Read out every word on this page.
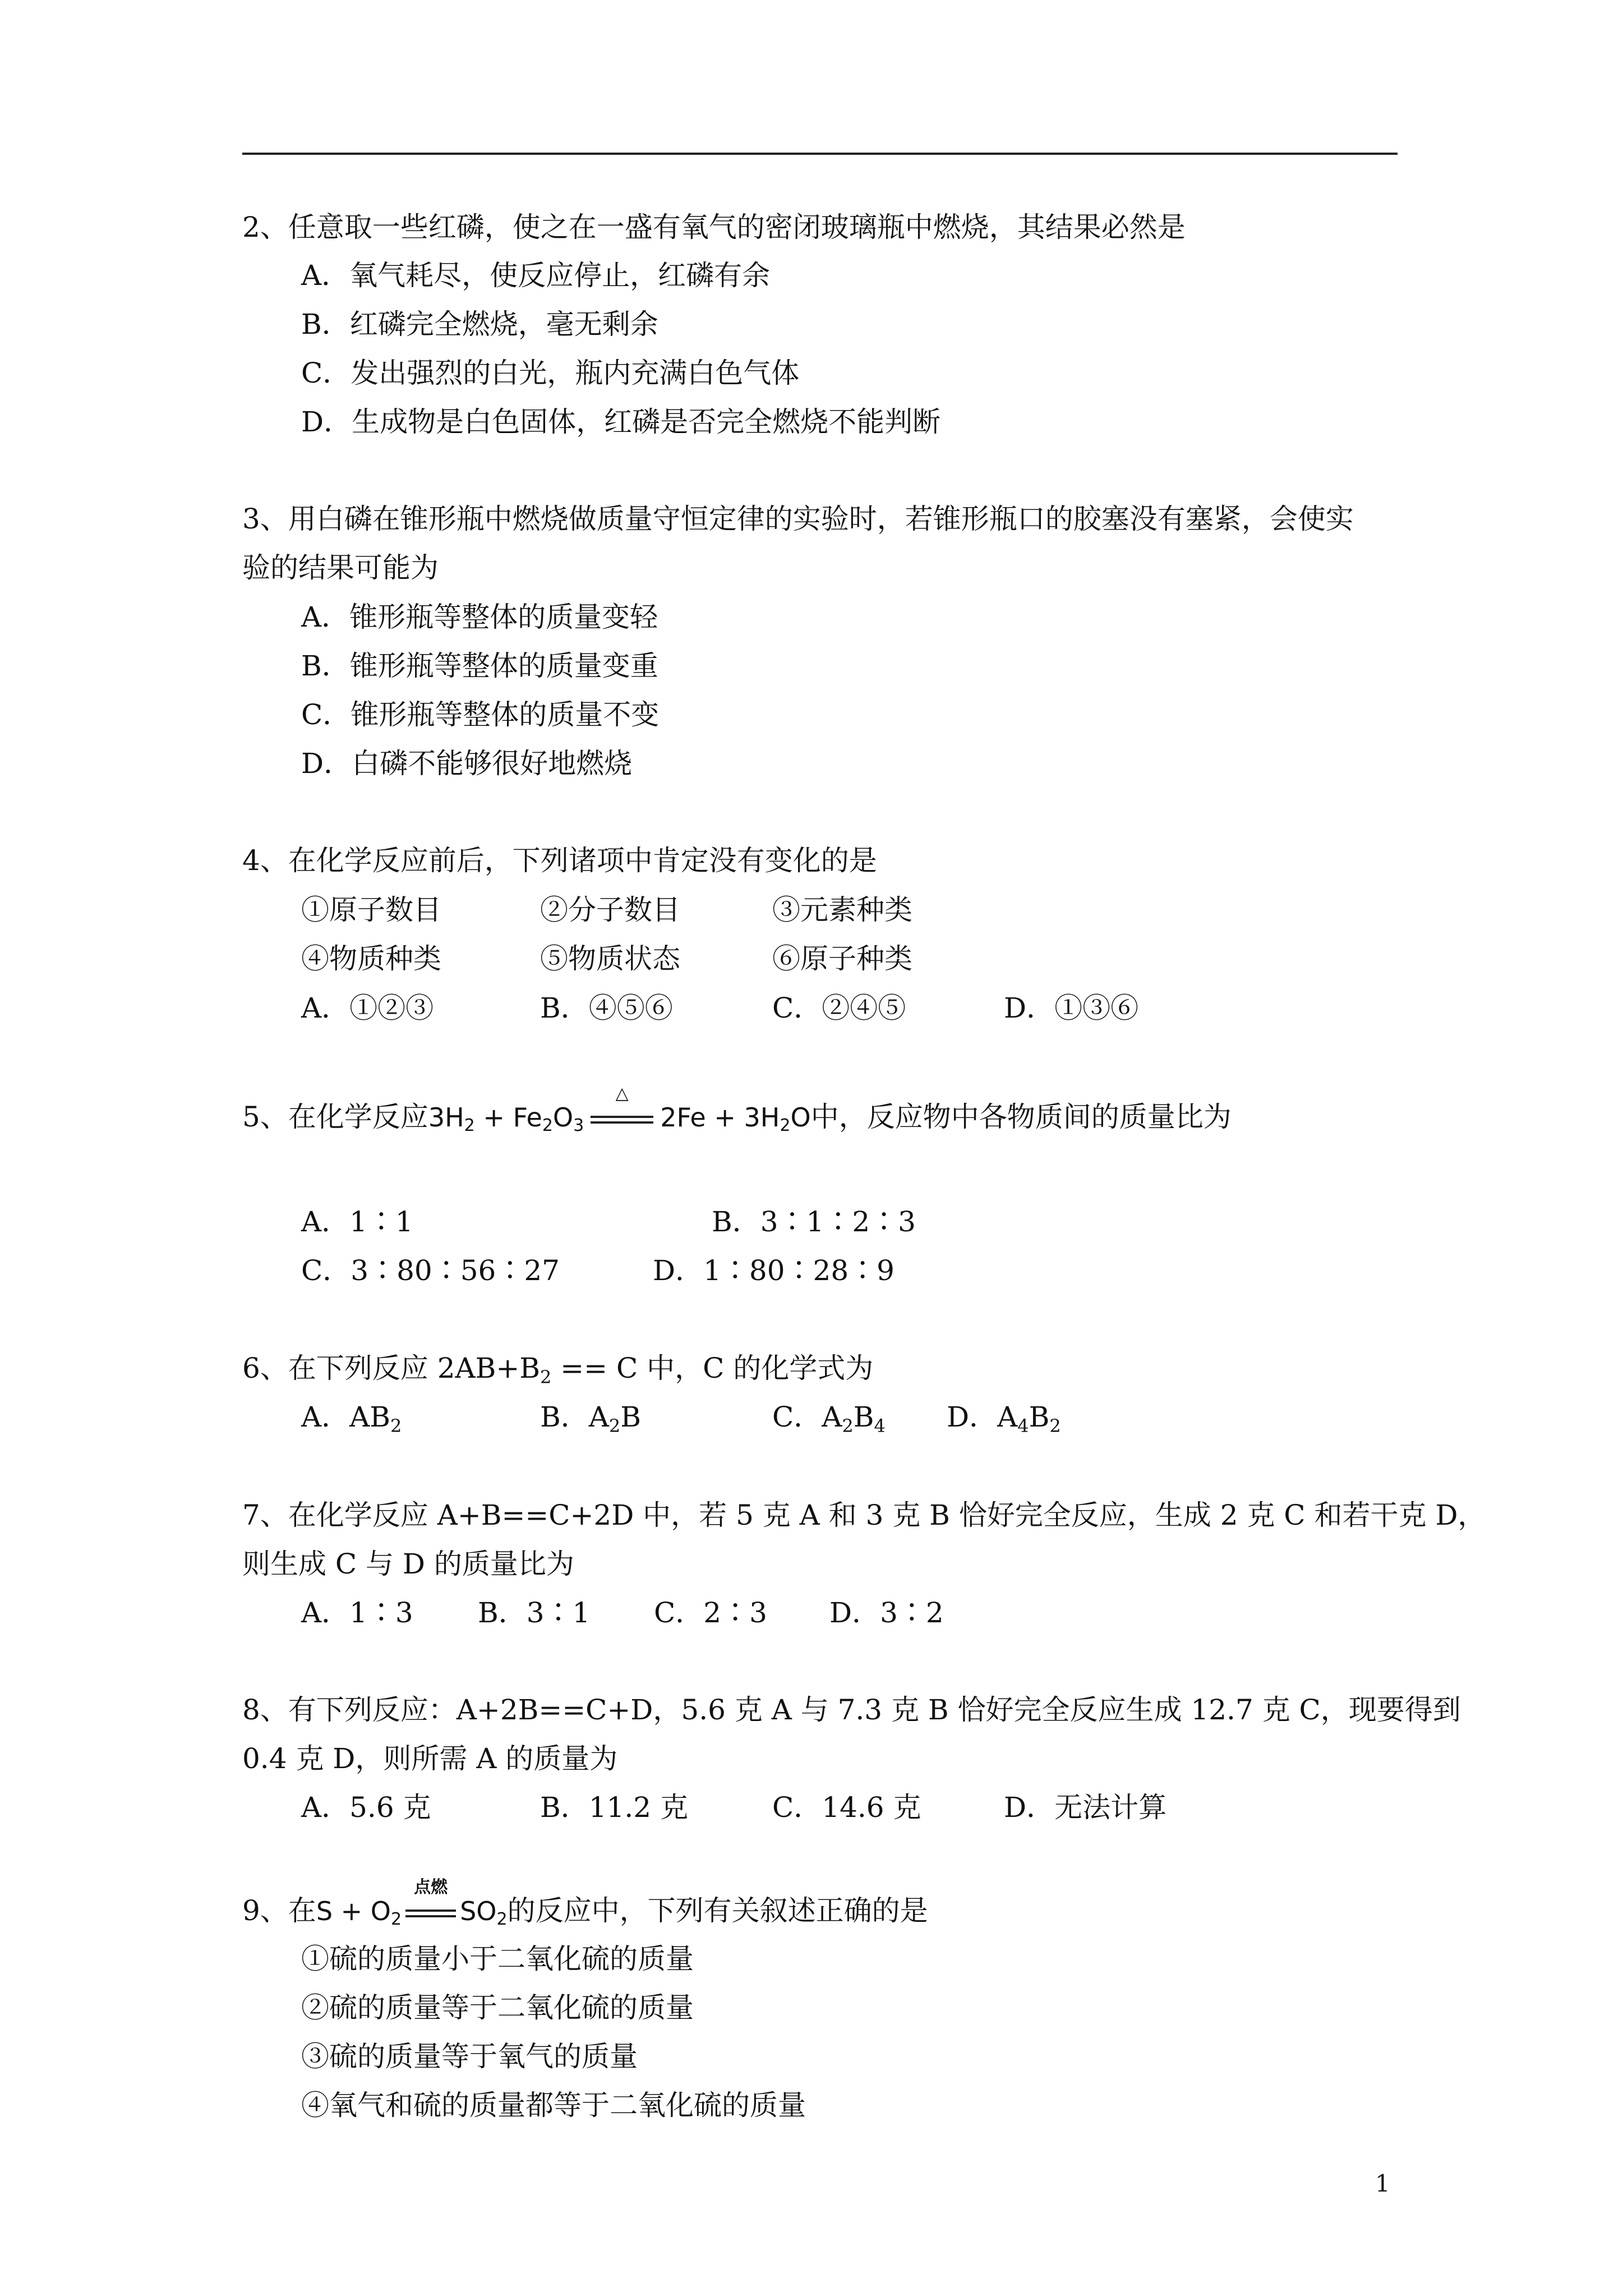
2、任意取一些红磷，使之在一盛有氧气的密闭玻璃瓶中燃烧，其结果必然是
A．氧气耗尽，使反应停止，红磷有余
B．红磷完全燃烧，毫无剩余
C．发出强烈的白光，瓶内充满白色气体
D．生成物是白色固体，红磷是否完全燃烧不能判断
3、用白磷在锥形瓶中燃烧做质量守恒定律的实验时，若锥形瓶口的胶塞没有塞紧，会使实
验的结果可能为
A．锥形瓶等整体的质量变轻
B．锥形瓶等整体的质量变重
C．锥形瓶等整体的质量不变
D．白磷不能够很好地燃烧
4、在化学反应前后，下列诸项中肯定没有变化的是
①原子数目	②分子数目	③元素种类
④物质种类	⑤物质状态	⑥原子种类
A．①②③	B．④⑤⑥	C．②④⑤	D．①③⑥
5、在化学反应$3H_2 + Fe_2O_3$
△
$2Fe + 3H_2O$中，反应物中各物质间的质量比为
A．1∶1	B．3∶1∶2∶3
C．3∶80∶56∶27	D．1∶80∶28∶9
6、在下列反应 $2AB+B_2 == C$ 中，C 的化学式为
A．$AB_2$	B．$A_2B$	C．$A_2B_4$ D．$A_4B_2$
7、在化学反应 A+B==C+2D 中，若 5 克 A 和 3 克 B 恰好完全反应，生成 2 克 C 和若干克 D，
则生成 C 与 D 的质量比为
A．1∶3 B．3∶1 C．2∶3 D．3∶2
8、有下列反应：A+2B==C+D，5.6 克 A 与 7.3 克 B 恰好完全反应生成 12.7 克 C，现要得到
0.4 克 D，则所需 A 的质量为
A．5.6 克	B．11.2 克	C．14.6 克	D．无法计算
9、在$S + O_2$
点燃
$SO_2$的反应中，下列有关叙述正确的是
①硫的质量小于二氧化硫的质量
②硫的质量等于二氧化硫的质量
③硫的质量等于氧气的质量
④氧气和硫的质量都等于二氧化硫的质量
1
